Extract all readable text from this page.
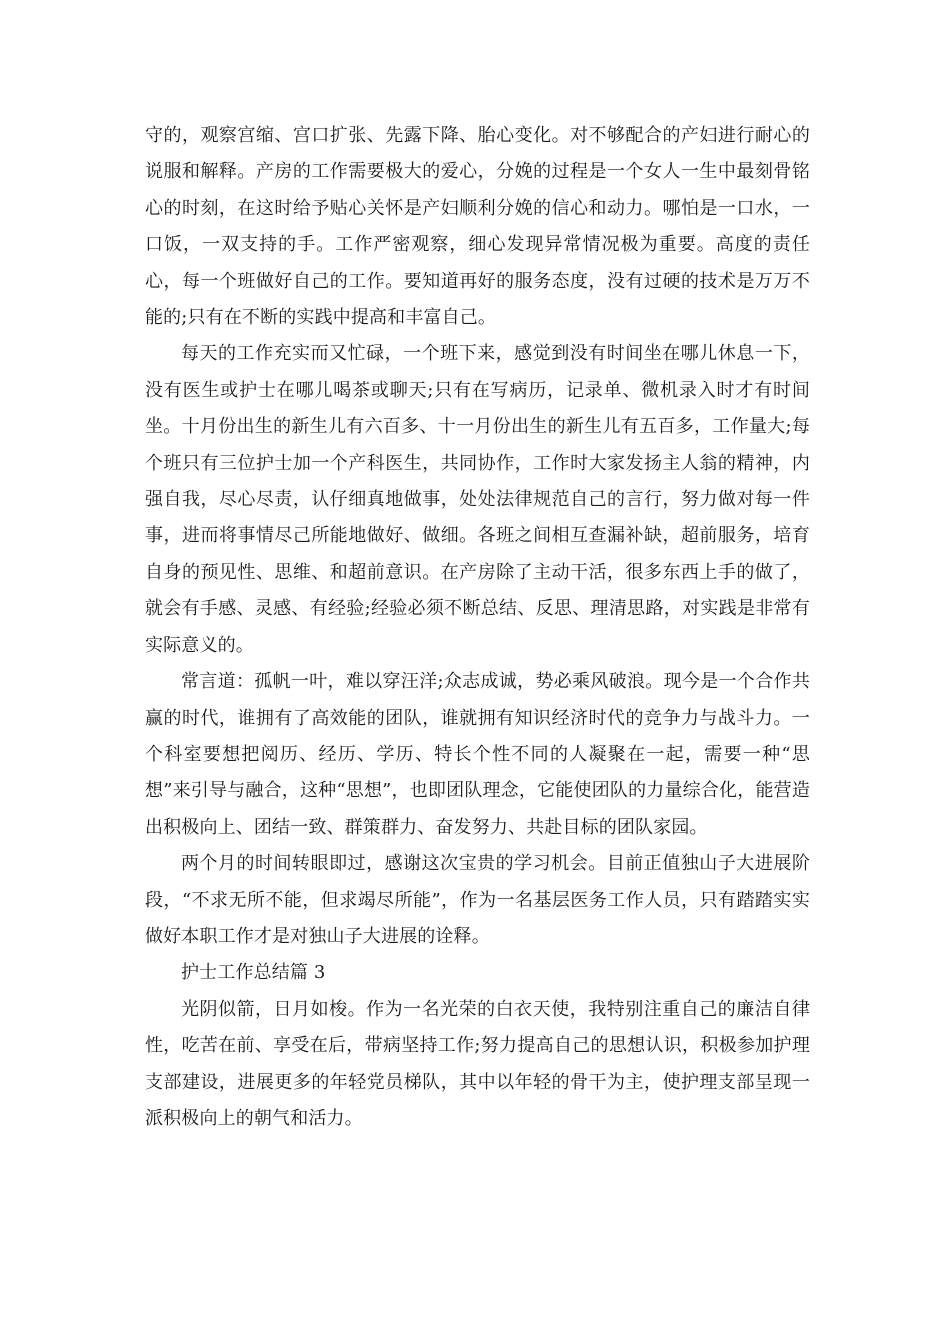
守的，观察宫缩、宫口扩张、先露下降、胎心变化。对不够配合的产妇进行耐心的说服和解释。产房的工作需要极大的爱心，分娩的过程是一个女人一生中最刻骨铭心的时刻，在这时给予贴心关怀是产妇顺利分娩的信心和动力。哪怕是一口水，一口饭，一双支持的手。工作严密观察，细心发现异常情况极为重要。高度的责任心，每一个班做好自己的工作。要知道再好的服务态度，没有过硬的技术是万万不能的;只有在不断的实践中提高和丰富自己。

每天的工作充实而又忙碌，一个班下来，感觉到没有时间坐在哪儿休息一下，没有医生或护士在哪儿喝茶或聊天;只有在写病历，记录单、微机录入时才有时间坐。十月份出生的新生儿有六百多、十一月份出生的新生儿有五百多，工作量大;每个班只有三位护士加一个产科医生，共同协作，工作时大家发扬主人翁的精神，内强自我，尽心尽责，认仔细真地做事，处处法律规范自己的言行，努力做对每一件事，进而将事情尽己所能地做好、做细。各班之间相互查漏补缺，超前服务，培育自身的预见性、思维、和超前意识。在产房除了主动干活，很多东西上手的做了，就会有手感、灵感、有经验;经验必须不断总结、反思、理清思路，对实践是非常有实际意义的。

常言道：孤帆一叶，难以穿汪洋;众志成诚，势必乘风破浪。现今是一个合作共赢的时代，谁拥有了高效能的团队，谁就拥有知识经济时代的竞争力与战斗力。一个科室要想把阅历、经历、学历、特长个性不同的人凝聚在一起，需要一种“思想”来引导与融合，这种“思想”，也即团队理念，它能使团队的力量综合化，能营造出积极向上、团结一致、群策群力、奋发努力、共赴目标的团队家园。

两个月的时间转眼即过，感谢这次宝贵的学习机会。目前正值独山子大进展阶段，“不求无所不能，但求竭尽所能”，作为一名基层医务工作人员，只有踏踏实实做好本职工作才是对独山子大进展的诠释。

护士工作总结篇 3

光阴似箭，日月如梭。作为一名光荣的白衣天使，我特别注重自己的廉洁自律性，吃苦在前、享受在后，带病坚持工作;努力提高自己的思想认识，积极参加护理支部建设，进展更多的年轻党员梯队，其中以年轻的骨干为主，使护理支部呈现一派积极向上的朝气和活力。
